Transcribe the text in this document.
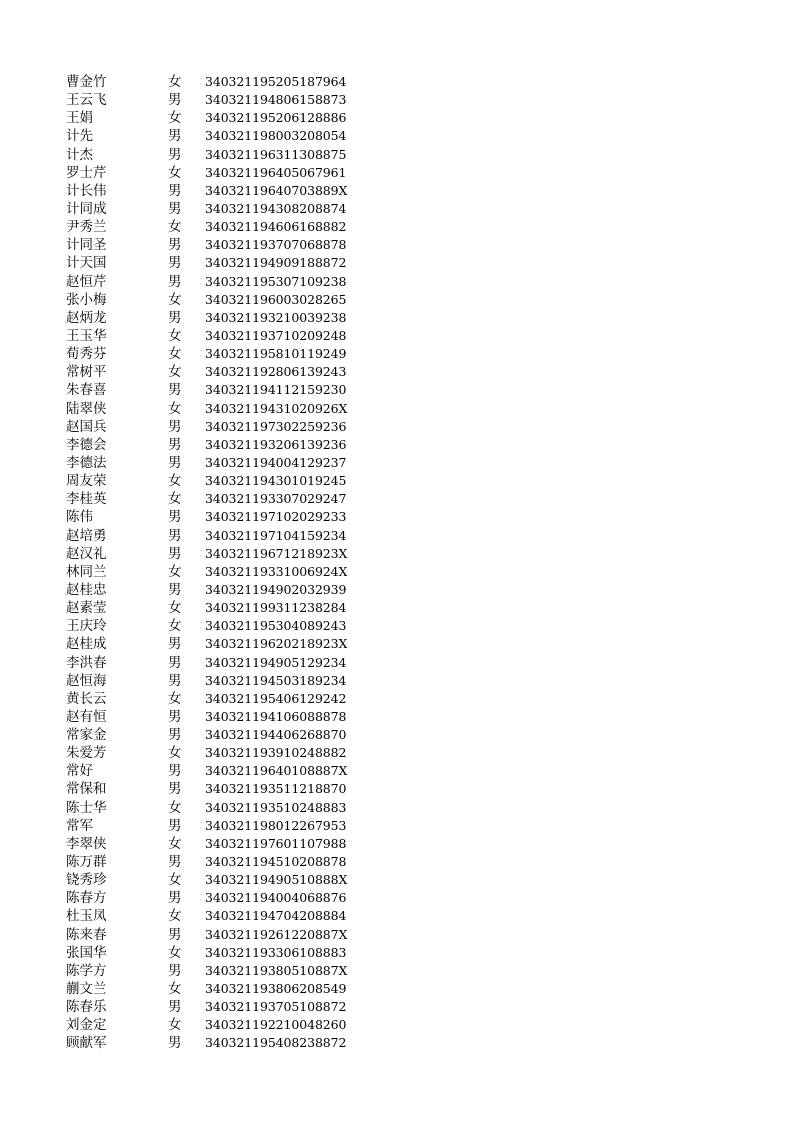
曹金竹	女 340321195205187964
王云飞	男 340321194806158873
王娟	女 340321195206128886
计先	男 340321198003208054
计杰	男 340321196311308875
罗士芹	女 340321196405067961
计长伟	男 34032119640703889X
计同成	男 340321194308208874
尹秀兰	女 340321194606168882
计同圣	男 340321193707068878
计天国	男 340321194909188872
赵恒芹	男 340321195307109238
张小梅	女 340321196003028265
赵炳龙	男 340321193210039238
王玉华	女 340321193710209248
荀秀芬	女 340321195810119249
常树平	女 340321192806139243
朱春喜	男 340321194112159230
陆翠侠	女 34032119431020926X
赵国兵	男 340321197302259236
李德会	男 340321193206139236
李德法	男 340321194004129237
周友荣	女 340321194301019245
李桂英	女 340321193307029247
陈伟	男 340321197102029233
赵培勇	男 340321197104159234
赵汉礼	男 34032119671218923X
林同兰	女 34032119331006924X
赵桂忠	男 340321194902032939
赵素莹	女 340321199311238284
王庆玲	女 340321195304089243
赵桂成	男 34032119620218923X
李洪春	男 340321194905129234
赵恒海	男 340321194503189234
黄长云	女 340321195406129242
赵有恒	男 340321194106088878
常家金	男 340321194406268870
朱爱芳	女 340321193910248882
常好	男 34032119640108887X
常保和	男 340321193511218870
陈士华	女 340321193510248883
常军	男 340321198012267953
李翠侠	女 340321197601107988
陈万群	男 340321194510208878
铙秀珍	女 34032119490510888X
陈春方	男 340321194004068876
杜玉凤	女 340321194704208884
陈来春	男 34032119261220887X
张国华	女 340321193306108883
陈学方	男 34032119380510887X
蒯文兰	女 340321193806208549
陈春乐	男 340321193705108872
刘金定	女 340321192210048260
顾献军	男 340321195408238872
